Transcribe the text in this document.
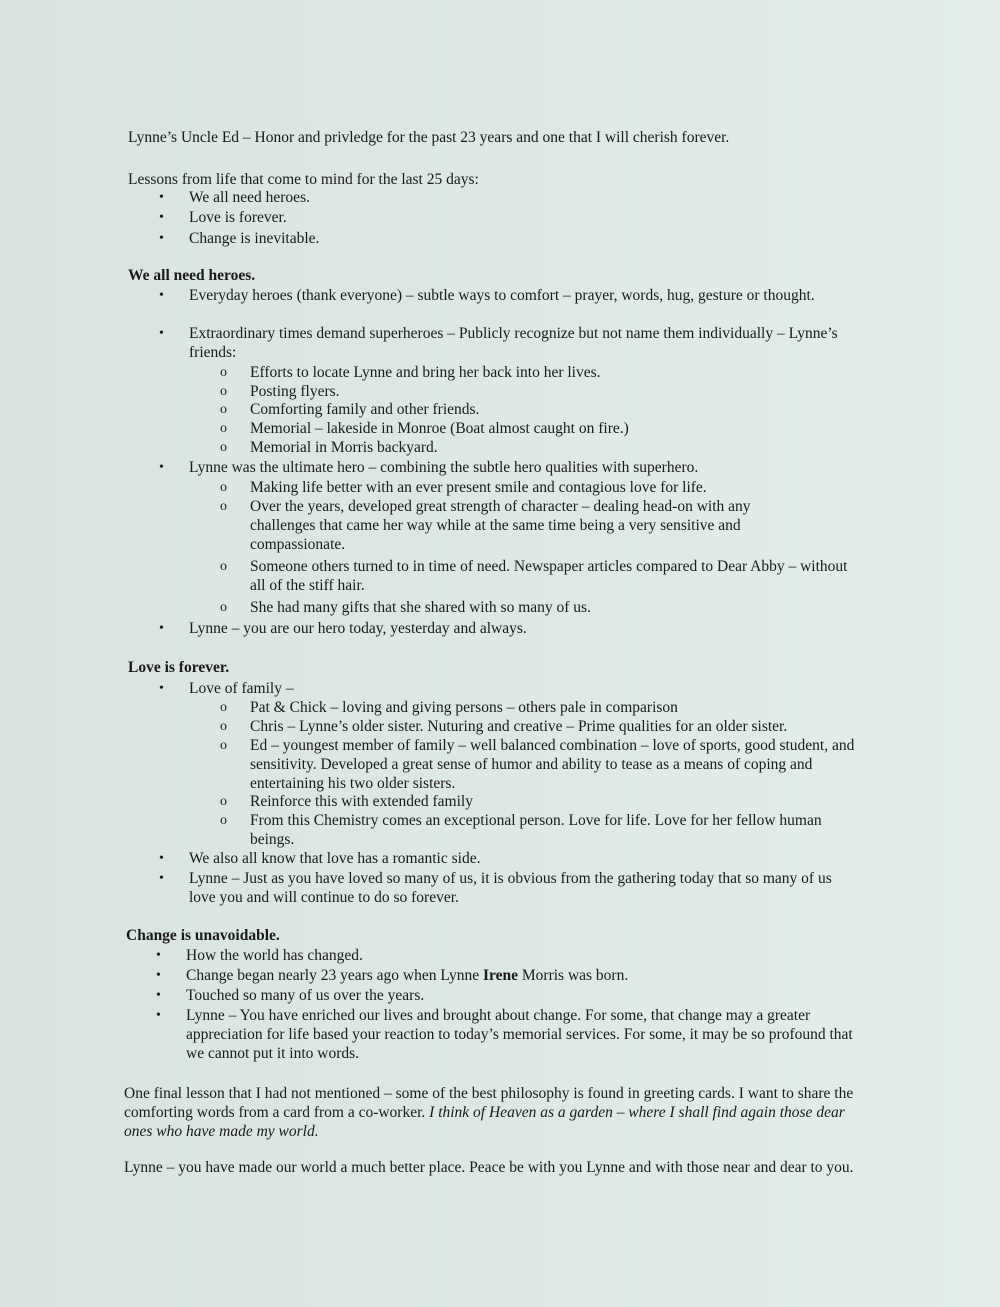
Lynne’s Uncle Ed – Honor and privledge for the past 23 years and one that I will cherish forever.

Lessons from life that come to mind for the last 25 days:

• We all need heroes.
• Love is forever.
• Change is inevitable.
We all need heroes.
• Everyday heroes (thank everyone) – subtle ways to comfort – prayer, words, hug, gesture or thought.
• Extraordinary times demand superheroes – Publicly recognize but not name them individually – Lynne’s friends:
o Efforts to locate Lynne and bring her back into her lives.
o Posting flyers.
o Comforting family and other friends.
o Memorial – lakeside in Monroe (Boat almost caught on fire.)
o Memorial in Morris backyard.
• Lynne was the ultimate hero – combining the subtle hero qualities with superhero.
o Making life better with an ever present smile and contagious love for life.
o Over the years, developed great strength of character – dealing head-on with any challenges that came her way while at the same time being a very sensitive and compassionate.
o Someone others turned to in time of need. Newspaper articles compared to Dear Abby – without all of the stiff hair.
o She had many gifts that she shared with so many of us.
• Lynne – you are our hero today, yesterday and always.
Love is forever.
• Love of family –
o Pat & Chick – loving and giving persons – others pale in comparison
o Chris – Lynne’s older sister. Nuturing and creative – Prime qualities for an older sister.
o Ed – youngest member of family – well balanced combination – love of sports, good student, and sensitivity. Developed a great sense of humor and ability to tease as a means of coping and entertaining his two older sisters.
o Reinforce this with extended family
o From this Chemistry comes an exceptional person. Love for life. Love for her fellow human beings.
• We also all know that love has a romantic side.
• Lynne – Just as you have loved so many of us, it is obvious from the gathering today that so many of us love you and will continue to do so forever.
Change is unavoidable.
• How the world has changed.
• Change began nearly 23 years ago when Lynne Irene Morris was born.
• Touched so many of us over the years.
• Lynne – You have enriched our lives and brought about change. For some, that change may a greater appreciation for life based your reaction to today’s memorial services. For some, it may be so profound that we cannot put it into words.

One final lesson that I had not mentioned – some of the best philosophy is found in greeting cards. I want to share the comforting words from a card from a co-worker. I think of Heaven as a garden – where I shall find again those dear ones who have made my world.

Lynne – you have made our world a much better place. Peace be with you Lynne and with those near and dear to you.
